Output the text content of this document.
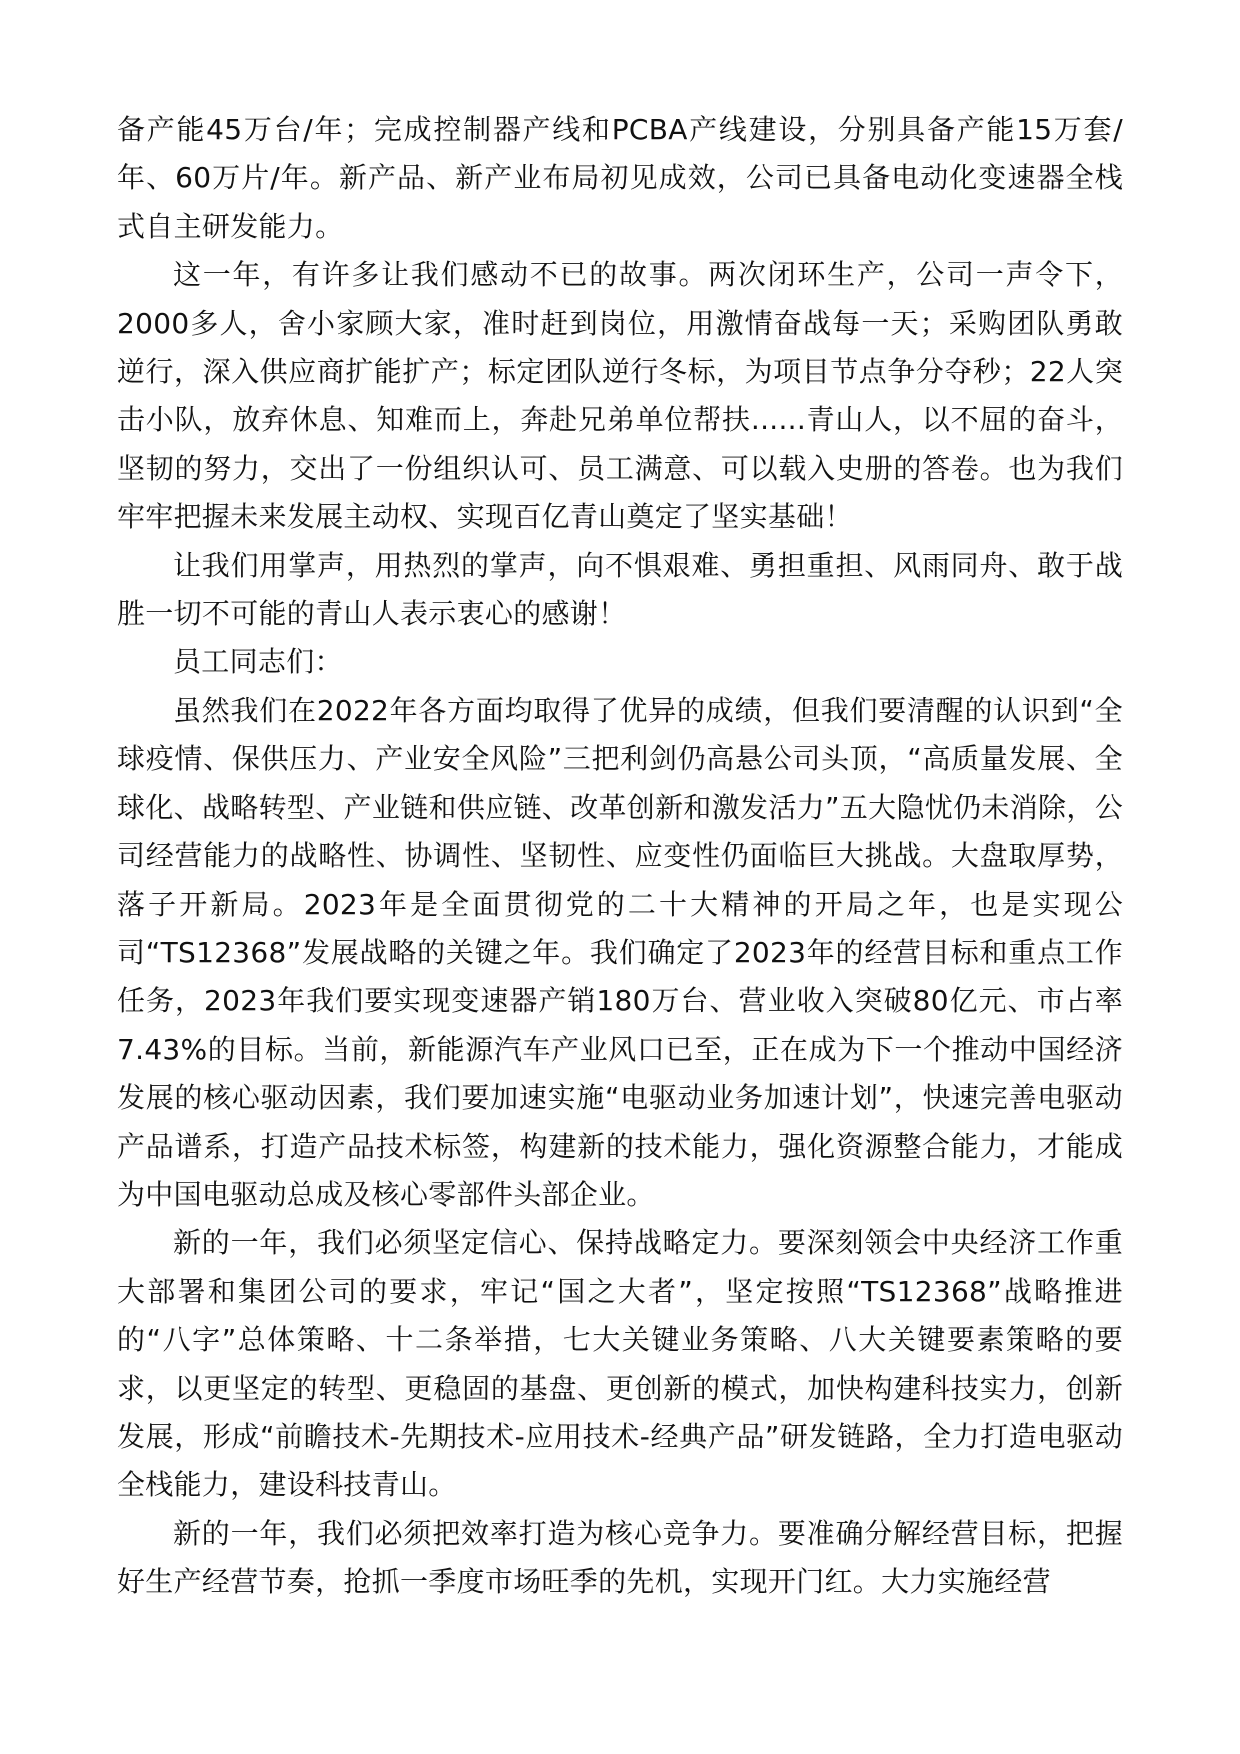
备产能45万台/年；完成控制器产线和PCBA产线建设，分别具备产能15万套/年、60万片/年。新产品、新产业布局初见成效，公司已具备电动化变速器全栈式自主研发能力。

这一年，有许多让我们感动不已的故事。两次闭环生产，公司一声令下，2000多人，舍小家顾大家，准时赶到岗位，用激情奋战每一天；采购团队勇敢逆行，深入供应商扩能扩产；标定团队逆行冬标，为项目节点争分夺秒；22人突击小队，放弃休息、知难而上，奔赴兄弟单位帮扶......青山人，以不屈的奋斗，坚韧的努力，交出了一份组织认可、员工满意、可以载入史册的答卷。也为我们牢牢把握未来发展主动权、实现百亿青山奠定了坚实基础！

让我们用掌声，用热烈的掌声，向不惧艰难、勇担重担、风雨同舟、敢于战胜一切不可能的青山人表示衷心的感谢！

员工同志们：

虽然我们在2022年各方面均取得了优异的成绩，但我们要清醒的认识到“全球疫情、保供压力、产业安全风险”三把利剑仍高悬公司头顶，“高质量发展、全球化、战略转型、产业链和供应链、改革创新和激发活力”五大隐忧仍未消除，公司经营能力的战略性、协调性、坚韧性、应变性仍面临巨大挑战。大盘取厚势，落子开新局。2023年是全面贯彻党的二十大精神的开局之年，也是实现公司“TS12368”发展战略的关键之年。我们确定了2023年的经营目标和重点工作任务，2023年我们要实现变速器产销180万台、营业收入突破80亿元、市占率7.43%的目标。当前，新能源汽车产业风口已至，正在成为下一个推动中国经济发展的核心驱动因素，我们要加速实施“电驱动业务加速计划”，快速完善电驱动产品谱系，打造产品技术标签，构建新的技术能力，强化资源整合能力，才能成为中国电驱动总成及核心零部件头部企业。

新的一年，我们必须坚定信心、保持战略定力。要深刻领会中央经济工作重大部署和集团公司的要求，牢记“国之大者”，坚定按照“TS12368”战略推进的“八字”总体策略、十二条举措，七大关键业务策略、八大关键要素策略的要求，以更坚定的转型、更稳固的基盘、更创新的模式，加快构建科技实力，创新发展，形成“前瞻技术-先期技术-应用技术-经典产品”研发链路，全力打造电驱动全栈能力，建设科技青山。

新的一年，我们必须把效率打造为核心竞争力。要准确分解经营目标，把握好生产经营节奏，抢抓一季度市场旺季的先机，实现开门红。大力实施经营
